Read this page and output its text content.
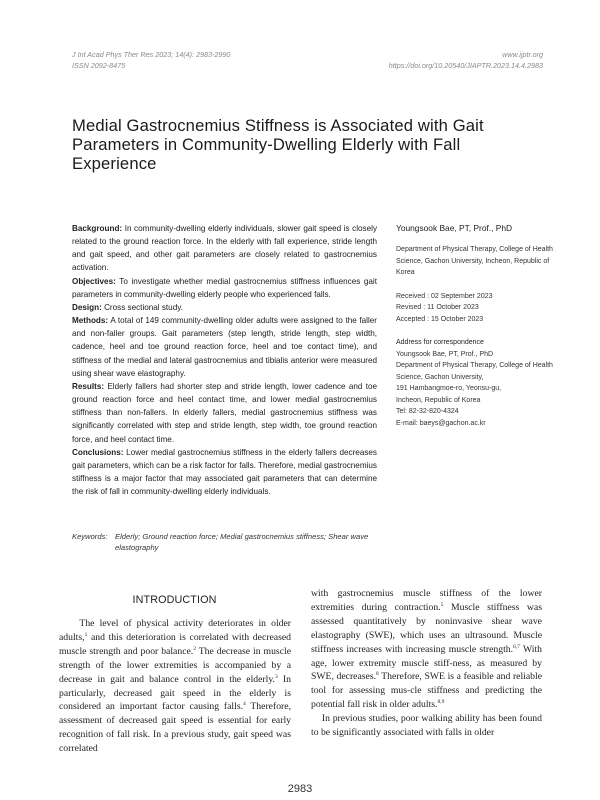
J Int Acad Phys Ther Res 2023; 14(4): 2983-2990
ISSN 2092-8475
www.ijptr.org
https://doi.org/10.20540/JIAPTR.2023.14.4.2983
Medial Gastrocnemius Stiffness is Associated with Gait Parameters in Community-Dwelling Elderly with Fall Experience

Background: In community-dwelling elderly individuals, slower gait speed is closely related to the ground reaction force. In the elderly with fall experience, stride length and gait speed, and other gait parameters are closely related to gastrocnemius activation.

Objectives: To investigate whether medial gastrocnemius stiffness influences gait parameters in community-dwelling elderly people who experienced falls.

Design: Cross sectional study.

Methods: A total of 149 community-dwelling older adults were assigned to the faller and non-faller groups. Gait parameters (step length, stride length, step width, cadence, heel and toe ground reaction force, heel and toe contact time), and stiffness of the medial and lateral gastrocnemius and tibialis anterior were measured using shear wave elastography.

Results: Elderly fallers had shorter step and stride length, lower cadence and toe ground reaction force and heel contact time, and lower medial gastrocnemius stiffness than non-fallers. In elderly fallers, medial gastrocnemius stiffness was significantly correlated with step and stride length, step width, toe ground reaction force, and heel contact time.

Conclusions: Lower medial gastrocnemius stiffness in the elderly fallers decreases gait parameters, which can be a risk factor for falls. Therefore, medial gastrocnemius stiffness is a major factor that may associated gait parameters that can determine the risk of fall in community-dwelling elderly individuals.

Youngsook Bae, PT, Prof., PhD
Department of Physical Therapy, College of Health Science, Gachon University, Incheon, Republic of Korea
Received : 02 September 2023
Revised : 11 October 2023
Accepted : 15 October 2023
Address for correspondence
Youngsook Bae, PT, Prof., PhD
Department of Physical Therapy, College of Health Science, Gachon University,
191 Hambangmoe-ro, Yeonsu-gu,
Incheon, Republic of Korea
Tel: 82-32-820-4324
E-mail: baeys@gachon.ac.kr
Keywords: Elderly; Ground reaction force; Medial gastrocnemius stiffness; Shear wave elastography
INTRODUCTION

The level of physical activity deteriorates in older adults,$^1$ and this deterioration is correlated with decreased muscle strength and poor balance.$^2$ The decrease in muscle strength of the lower extremities is accompanied by a decrease in gait and balance control in the elderly.$^3$ In particularly, decreased gait speed in the elderly is considered an important factor causing falls.$^4$ Therefore, assessment of decreased gait speed is essential for early recognition of fall risk. In a previous study, gait speed was correlated

with gastrocnemius muscle stiffness of the lower extremities during contraction.$^5$ Muscle stiffness was assessed quantitatively by noninvasive shear wave elastography (SWE), which uses an ultrasound. Muscle stiffness increases with increasing muscle strength.$^{6,7}$ With age, lower extremity muscle stiff-ness, as measured by SWE, decreases.$^8$ Therefore, SWE is a feasible and reliable tool for assessing mus-cle stiffness and predicting the potential fall risk in older adults.$^{8,9}$

In previous studies, poor walking ability has been found to be significantly associated with falls in older

2983
